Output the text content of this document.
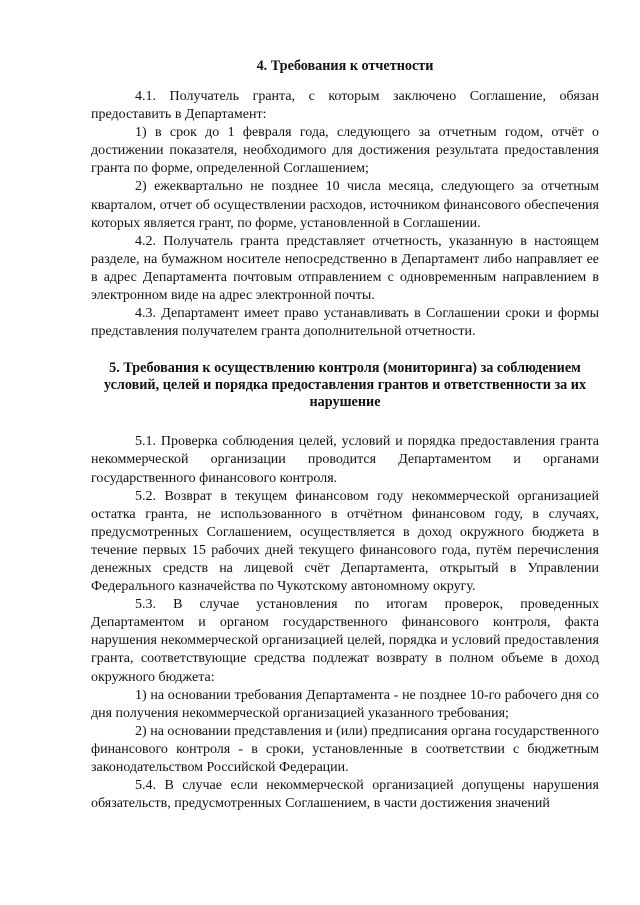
4. Требования к отчетности

4.1. Получатель гранта, с которым заключено Соглашение, обязан предоставить в Департамент:

1) в срок до 1 февраля года, следующего за отчетным годом, отчёт о достижении показателя, необходимого для достижения результата предоставления гранта по форме, определенной Соглашением;

2) ежеквартально не позднее 10 числа месяца, следующего за отчетным кварталом, отчет об осуществлении расходов, источником финансового обеспечения которых является грант, по форме, установленной в Соглашении.

4.2. Получатель гранта представляет отчетность, указанную в настоящем разделе, на бумажном носителе непосредственно в Департамент либо направляет ее в адрес Департамента почтовым отправлением с одновременным направлением в электронном виде на адрес электронной почты.

4.3. Департамент имеет право устанавливать в Соглашении сроки и формы представления получателем гранта дополнительной отчетности.

5. Требования к осуществлению контроля (мониторинга) за соблюдением условий, целей и порядка предоставления грантов и ответственности за их нарушение

5.1. Проверка соблюдения целей, условий и порядка предоставления гранта некоммерческой организации проводится Департаментом и органами государственного финансового контроля.

5.2. Возврат в текущем финансовом году некоммерческой организацией остатка гранта, не использованного в отчётном финансовом году, в случаях, предусмотренных Соглашением, осуществляется в доход окружного бюджета в течение первых 15 рабочих дней текущего финансового года, путём перечисления денежных средств на лицевой счёт Департамента, открытый в Управлении Федерального казначейства по Чукотскому автономному округу.

5.3. В случае установления по итогам проверок, проведенных Департаментом и органом государственного финансового контроля, факта нарушения некоммерческой организацией целей, порядка и условий предоставления гранта, соответствующие средства подлежат возврату в полном объеме в доход окружного бюджета:

1) на основании требования Департамента - не позднее 10-го рабочего дня со дня получения некоммерческой организацией указанного требования;

2) на основании представления и (или) предписания органа государственного финансового контроля - в сроки, установленные в соответствии с бюджетным законодательством Российской Федерации.

5.4. В случае если некоммерческой организацией допущены нарушения обязательств, предусмотренных Соглашением, в части достижения значений
